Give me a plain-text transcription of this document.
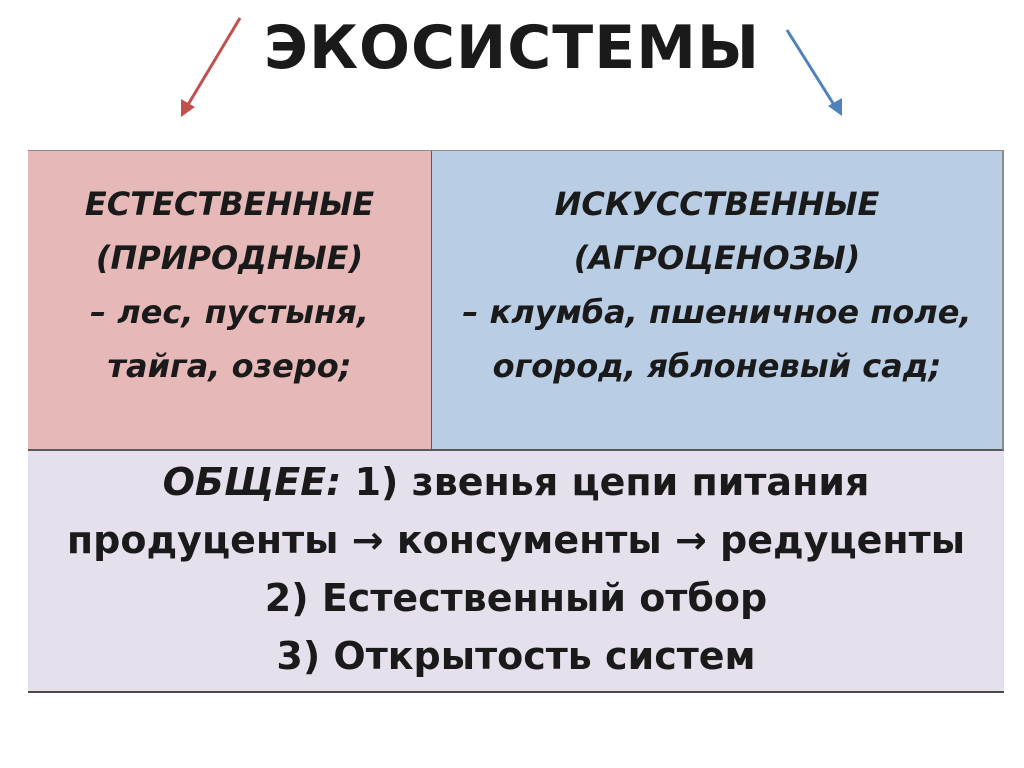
ЭКОСИСТЕМЫ
ЕСТЕСТВЕННЫЕ
(ПРИРОДНЫЕ)
– лес, пустыня,
тайга, озеро;
ИСКУССТВЕННЫЕ
(АГРОЦЕНОЗЫ)
– клумба, пшеничное поле,
огород, яблоневый сад;
ОБЩЕЕ: 1) звенья цепи питания
продуценты → консументы → редуценты
2) Естественный отбор
3) Открытость систем
